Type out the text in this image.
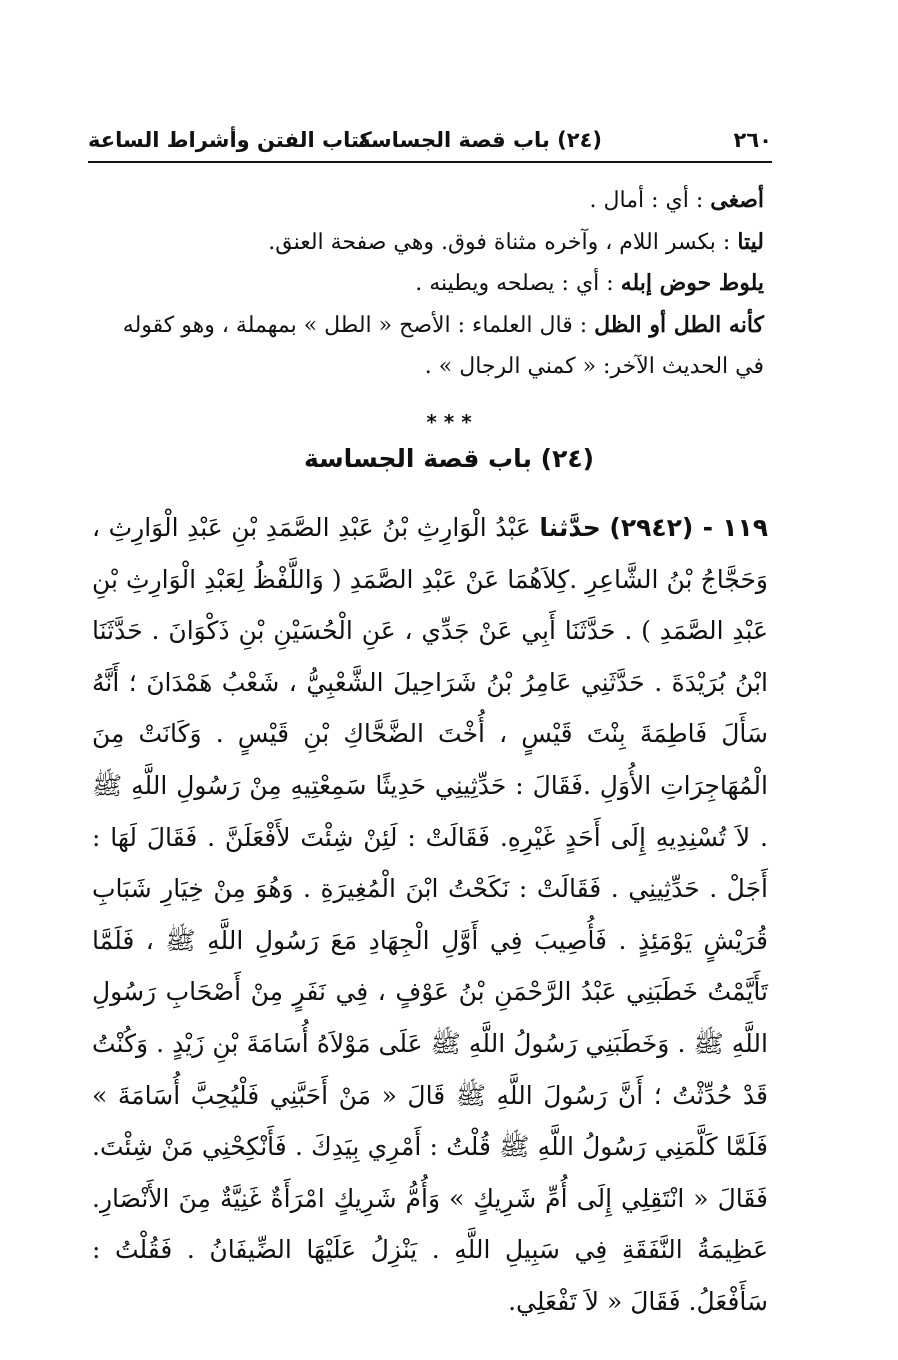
٢٦٠
(٢٤) باب قصة الجساسة
كتاب الفتن وأشراط الساعة

أصغى : أي : أمال .

ليتا : بكسر اللام ، وآخره مثناة فوق. وهي صفحة العنق.

يلوط حوض إبله : أي : يصلحه ويطينه .

كأنه الطل أو الظل : قال العلماء : الأصح « الطل » بمهملة ، وهو كقوله في الحديث الآخر: « كمني الرجال » .

* * *
(٢٤) باب قصة الجساسة
١١٩ - (٢٩٤٢) حدَّثنا عَبْدُ الْوَارِثِ بْنُ عَبْدِ الصَّمَدِ بْنِ عَبْدِ الْوَارِثِ ، وَحَجَّاجُ بْنُ الشَّاعِرِ .كِلاَهُمَا عَنْ عَبْدِ الصَّمَدِ ( وَاللَّفْظُ لِعَبْدِ الْوَارِثِ بْنِ عَبْدِ الصَّمَدِ ) . حَدَّثَنَا أَبِي عَنْ جَدِّي ، عَنِ الْحُسَيْنِ بْنِ ذَكْوَانَ . حَدَّثَنَا ابْنُ بُرَيْدَةَ . حَدَّثَنِي عَامِرُ بْنُ شَرَاحِيلَ الشَّعْبِيُّ ، شَعْبُ هَمْدَانَ ؛ أَنَّهُ سَأَلَ فَاطِمَةَ بِنْتَ قَيْسٍ ، أُخْتَ الضَّحَّاكِ بْنِ قَيْسٍ . وَكَانَتْ مِنَ الْمُهَاجِرَاتِ الأُوَلِ .فَقَالَ : حَدِّثِينِي حَدِيثًا سَمِعْتِيهِ مِنْ رَسُولِ اللَّهِ ﷺ . لاَ تُسْنِدِيهِ إِلَى أَحَدٍ غَيْرِهِ. فَقَالَتْ : لَئِنْ شِئْتَ لأَفْعَلَنَّ . فَقَالَ لَهَا : أَجَلْ . حَدِّثِينِي . فَقَالَتْ : نَكَحْتُ ابْنَ الْمُغِيرَةِ . وَهُوَ مِنْ خِيَارِ شَبَابِ قُرَيْشٍ يَوْمَئِذٍ . فَأُصِيبَ فِي أَوَّلِ الْجِهَادِ مَعَ رَسُولِ اللَّهِ ﷺ ، فَلَمَّا تَأَيَّمْتُ خَطَبَنِي عَبْدُ الرَّحْمَنِ بْنُ عَوْفٍ ، فِي نَفَرٍ مِنْ أَصْحَابِ رَسُولِ اللَّهِ ﷺ . وَخَطَبَنِي رَسُولُ اللَّهِ ﷺ عَلَى مَوْلاَهُ أُسَامَةَ بْنِ زَيْدٍ . وَكُنْتُ قَدْ حُدِّثْتُ ؛ أَنَّ رَسُولَ اللَّهِ ﷺ قَالَ « مَنْ أَحَبَّنِي فَلْيُحِبَّ أُسَامَةَ » فَلَمَّا كَلَّمَنِي رَسُولُ اللَّهِ ﷺ قُلْتُ : أَمْرِي بِيَدِكَ . فَأَنْكِحْنِي مَنْ شِئْتَ. فَقَالَ « انْتَقِلِي إِلَى أُمِّ شَرِيكٍ » وَأُمُّ شَرِيكٍ امْرَأَةٌ غَنِيَّةٌ مِنَ الأَنْصَارِ. عَظِيمَةُ النَّفَقَةِ فِي سَبِيلِ اللَّهِ . يَنْزِلُ عَلَيْهَا الضِّيفَانُ . فَقُلْتُ : سَأَفْعَلُ. فَقَالَ « لاَ تَفْعَلِي.
